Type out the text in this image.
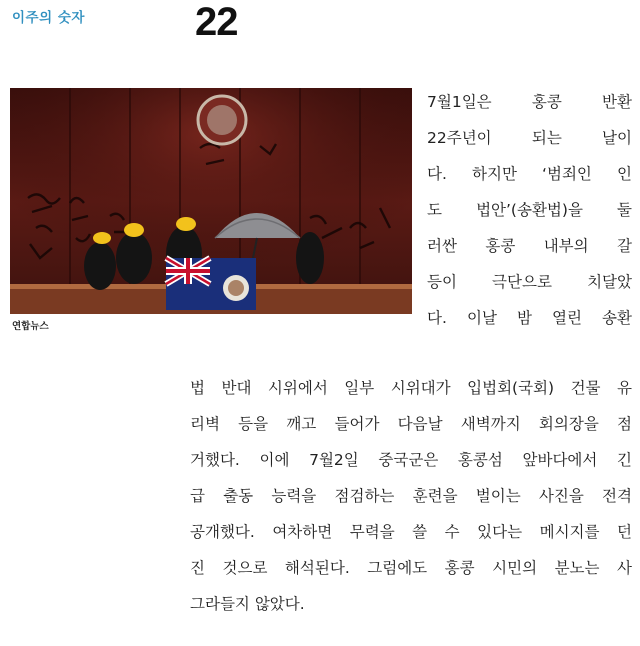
이주의 숫자	22
연합뉴스
7월1일은 홍콩 반환
22주년이 되는 날이
다. 하지만 ‘범죄인 인
도 법안’(송환법)을 둘
러싼 홍콩 내부의 갈
등이 극단으로 치달았
다. 이날 밤 열린 송환
법 반대 시위에서 일부 시위대가 입법회(국회) 건물 유
리벽 등을 깨고 들어가 다음날 새벽까지 회의장을 점
거했다. 이에 7월2일 중국군은 홍콩섬 앞바다에서 긴
급 출동 능력을 점검하는 훈련을 벌이는 사진을 전격
공개했다. 여차하면 무력을 쓸 수 있다는 메시지를 던
진 것으로 해석된다. 그럼에도 홍콩 시민의 분노는 사
그라들지 않았다.
